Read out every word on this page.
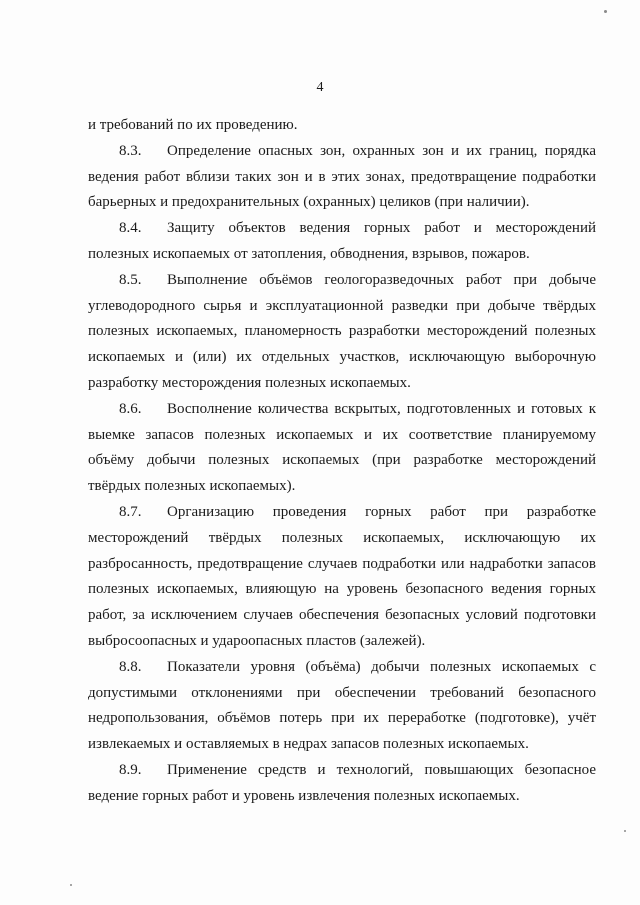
4

и требований по их проведению.

8.3. Определение опасных зон, охранных зон и их границ, порядка ведения работ вблизи таких зон и в этих зонах, предотвращение подработки барьерных и предохранительных (охранных) целиков (при наличии).

8.4. Защиту объектов ведения горных работ и месторождений полезных ископаемых от затопления, обводнения, взрывов, пожаров.

8.5. Выполнение объёмов геологоразведочных работ при добыче углеводородного сырья и эксплуатационной разведки при добыче твёрдых полезных ископаемых, планомерность разработки месторождений полезных ископаемых и (или) их отдельных участков, исключающую выборочную разработку месторождения полезных ископаемых.

8.6. Восполнение количества вскрытых, подготовленных и готовых к выемке запасов полезных ископаемых и их соответствие планируемому объёму добычи полезных ископаемых (при разработке месторождений твёрдых полезных ископаемых).

8.7. Организацию проведения горных работ при разработке месторождений твёрдых полезных ископаемых, исключающую их разбросанность, предотвращение случаев подработки или надработки запасов полезных ископаемых, влияющую на уровень безопасного ведения горных работ, за исключением случаев обеспечения безопасных условий подготовки выбросоопасных и удароопасных пластов (залежей).

8.8. Показатели уровня (объёма) добычи полезных ископаемых с допустимыми отклонениями при обеспечении требований безопасного недропользования, объёмов потерь при их переработке (подготовке), учёт извлекаемых и оставляемых в недрах запасов полезных ископаемых.

8.9. Применение средств и технологий, повышающих безопасное ведение горных работ и уровень извлечения полезных ископаемых.
